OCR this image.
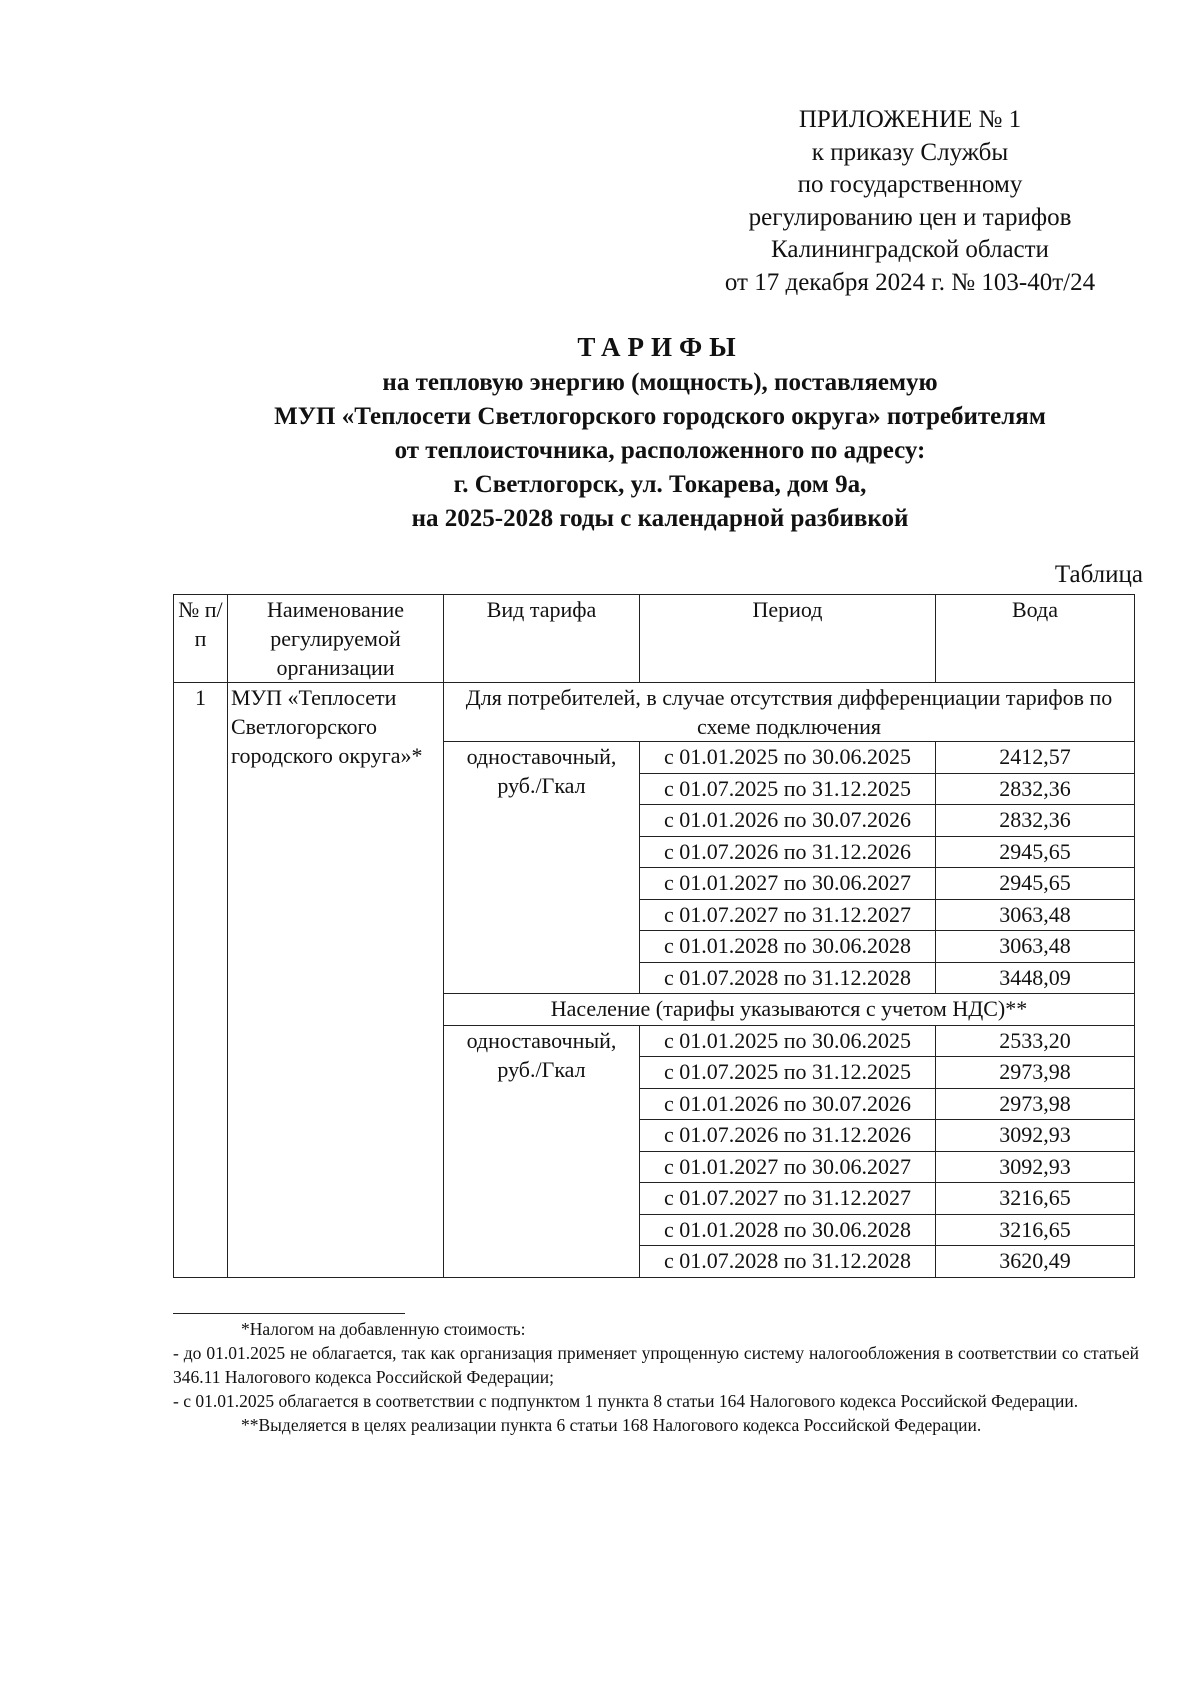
ПРИЛОЖЕНИЕ № 1
к приказу Службы
по государственному
регулированию цен и тарифов
Калининградской области
от 17 декабря 2024 г. № 103-40т/24
ТАРИФЫ
на тепловую энергию (мощность), поставляемую
МУП «Теплосети Светлогорского городского округа» потребителям
от теплоисточника, расположенного по адресу:
г. Светлогорск, ул. Токарева, дом 9а,
на 2025-2028 годы с календарной разбивкой
Таблица
№ п/п	Наименование регулируемой организации	Вид тарифа	Период	Вода
1	МУП «Теплосети Светлогорского городского округа»*	Для потребителей, в случае отсутствия дифференциации тарифов по схеме подключения		
		одноставочный, руб./Гкал	с 01.01.2025 по 30.06.2025	2412,57
			с 01.07.2025 по 31.12.2025	2832,36
			с 01.01.2026 по 30.07.2026	2832,36
			с 01.07.2026 по 31.12.2026	2945,65
			с 01.01.2027 по 30.06.2027	2945,65
			с 01.07.2027 по 31.12.2027	3063,48
			с 01.01.2028 по 30.06.2028	3063,48
			с 01.07.2028 по 31.12.2028	3448,09
		Население (тарифы указываются с учетом НДС)**		
		одноставочный, руб./Гкал	с 01.01.2025 по 30.06.2025	2533,20
			с 01.07.2025 по 31.12.2025	2973,98
			с 01.01.2026 по 30.07.2026	2973,98
			с 01.07.2026 по 31.12.2026	3092,93
			с 01.01.2027 по 30.06.2027	3092,93
			с 01.07.2027 по 31.12.2027	3216,65
			с 01.01.2028 по 30.06.2028	3216,65
			с 01.07.2028 по 31.12.2028	3620,49

*Налогом на добавленную стоимость:

- до 01.01.2025 не облагается, так как организация применяет упрощенную систему налогообложения в соответствии со статьей 346.11 Налогового кодекса Российской Федерации;

- с 01.01.2025 облагается в соответствии с подпунктом 1 пункта 8 статьи 164 Налогового кодекса Российской Федерации.

**Выделяется в целях реализации пункта 6 статьи 168 Налогового кодекса Российской Федерации.
